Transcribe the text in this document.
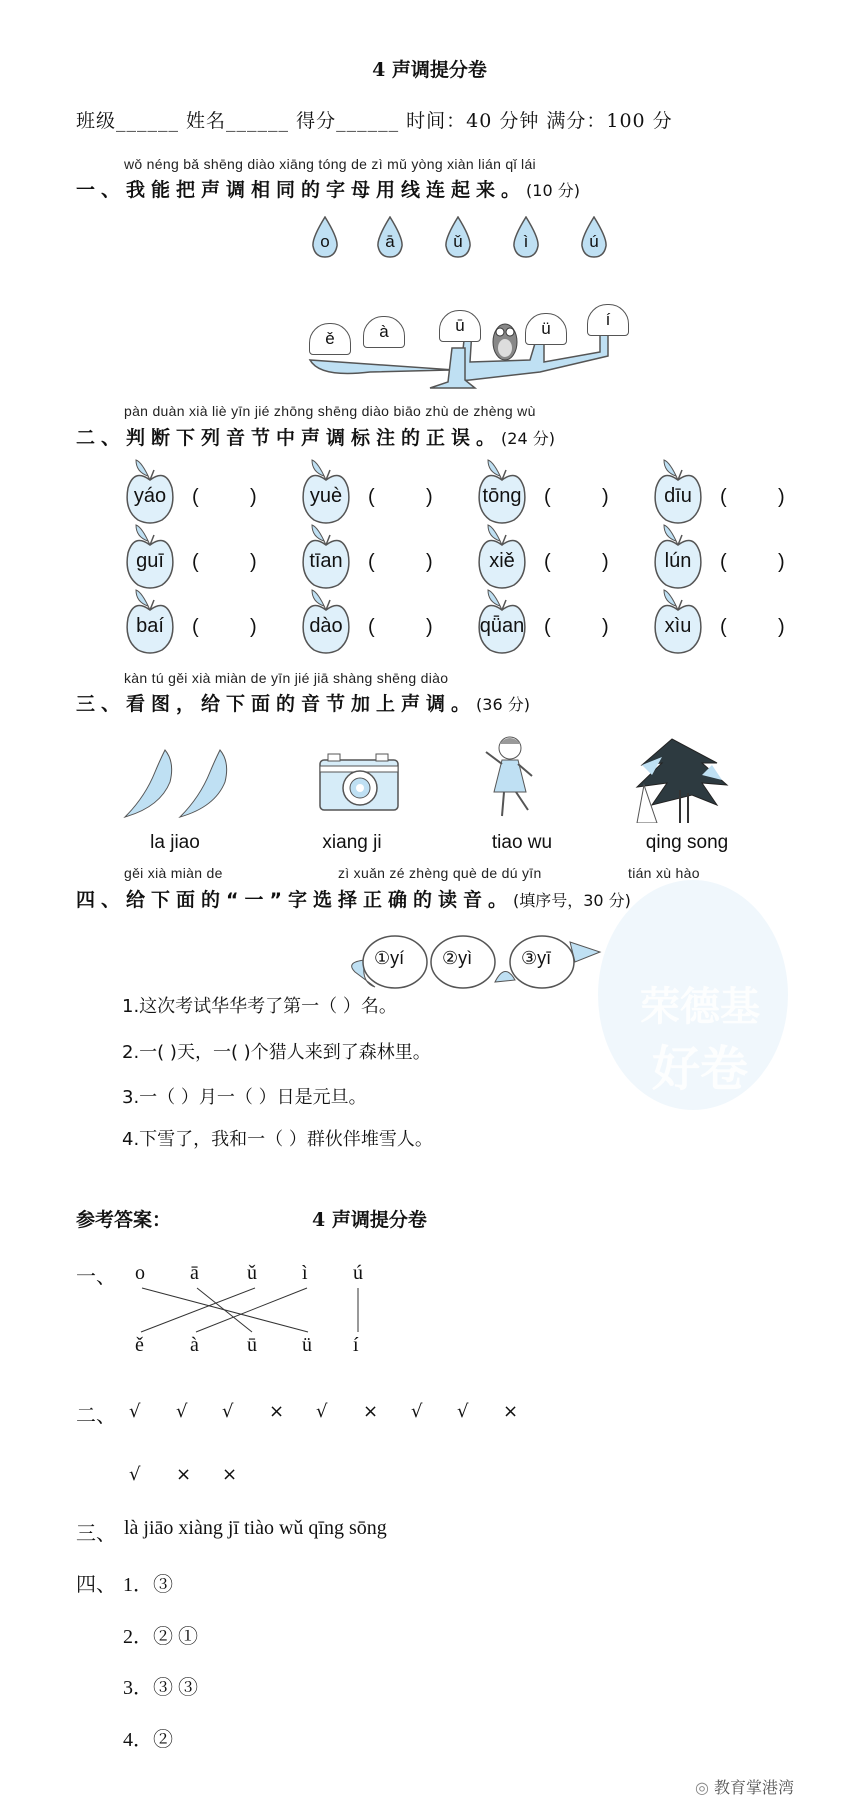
4 声调提分卷
班级______ 姓名______ 得分______ 时间：40 分钟 满分：100 分
wǒ néng bǎ shēng diào xiāng tóng de zì mǔ yòng xiàn lián qǐ lái
一、我能把声调相同的字母用线连起来。(10 分)
pàn duàn xià liè yīn jié zhōng shēng diào biāo zhù de zhèng wù
二、判断下列音节中声调标注的正误。(24 分)
kàn tú gěi xià miàn de yīn jié jiā shàng shēng diào
三、看图，给下面的音节加上声调。(36 分)
la jiao	xiang ji	tiao wu	qing song
荣德基
好卷
gěi xià miàn de	zì xuǎn zé zhèng què de dú yīn	tián xù hào
四、给下面的“一”字选择正确的读音。(填序号，30 分)
①yí ②yì	③yī
1.这次考试华华考了第一（ ）名。
2.一( )天，一( )个猎人来到了森林里。
3.一（ ）月一（ ）日是元旦。
4.下雪了，我和一（ ）群伙伴堆雪人。
参考答案：	4 声调提分卷
一、
二、
三、 là jiāo xiàng jī tiào wǔ qīng sōng
四、 1．③
2．② ①
3．③ ③
4．②
◎ 教育掌港湾
o	ā	ǔ	ì	ú
ě	à	ū	ü	í
yáo	(	)	yuè	(	)	tōng	(	)	dīu	(	)
guī	(	)	tīan	(	)	xiě	(	)	lún	(	)
baí	(	)	dào	(	) qǖan (	)	xìu	(	)
o
ě
ā
à
ǔ
ū
ì
ü
ú
í
√ √ √ × √ × √ √ ×
√ × ×
